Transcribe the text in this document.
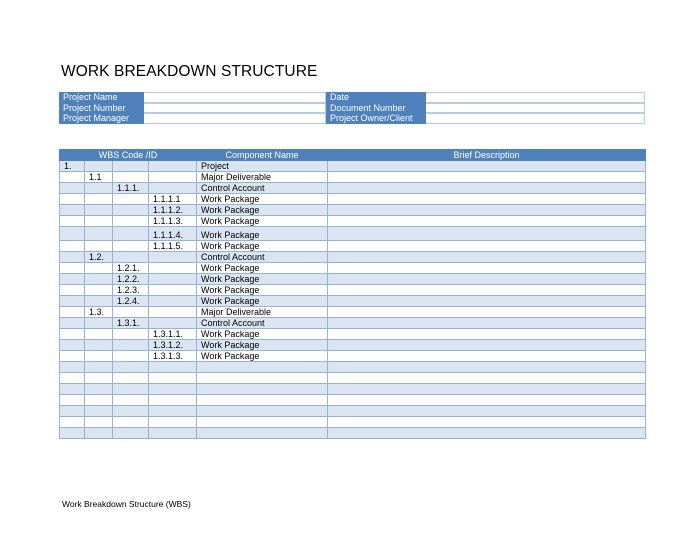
WORK BREAKDOWN STRUCTURE
Project Name	Date
Project Number	Document Number
Project Manager	Project Owner/Client
WBS Code /ID				Component Name	Brief Description
1.				Project	
	1.1			Major Deliverable	
		1.1.1.		Control Account	
			1.1.1.1	Work Package	
			1.1.1.2.	Work Package	
			1.1.1.3.	Work Package	
			1.1.1.4.	Work Package	
			1.1.1.5.	Work Package	
	1.2.			Control Account	
		1.2.1.		Work Package	
		1.2.2.		Work Package	
		1.2.3.		Work Package	
		1.2.4.		Work Package	
	1.3.			Major Deliverable	
		1.3.1.		Control Account	
			1.3.1.1.	Work Package	
			1.3.1.2.	Work Package	
			1.3.1.3.	Work Package	

Work Breakdown Structure (WBS)
